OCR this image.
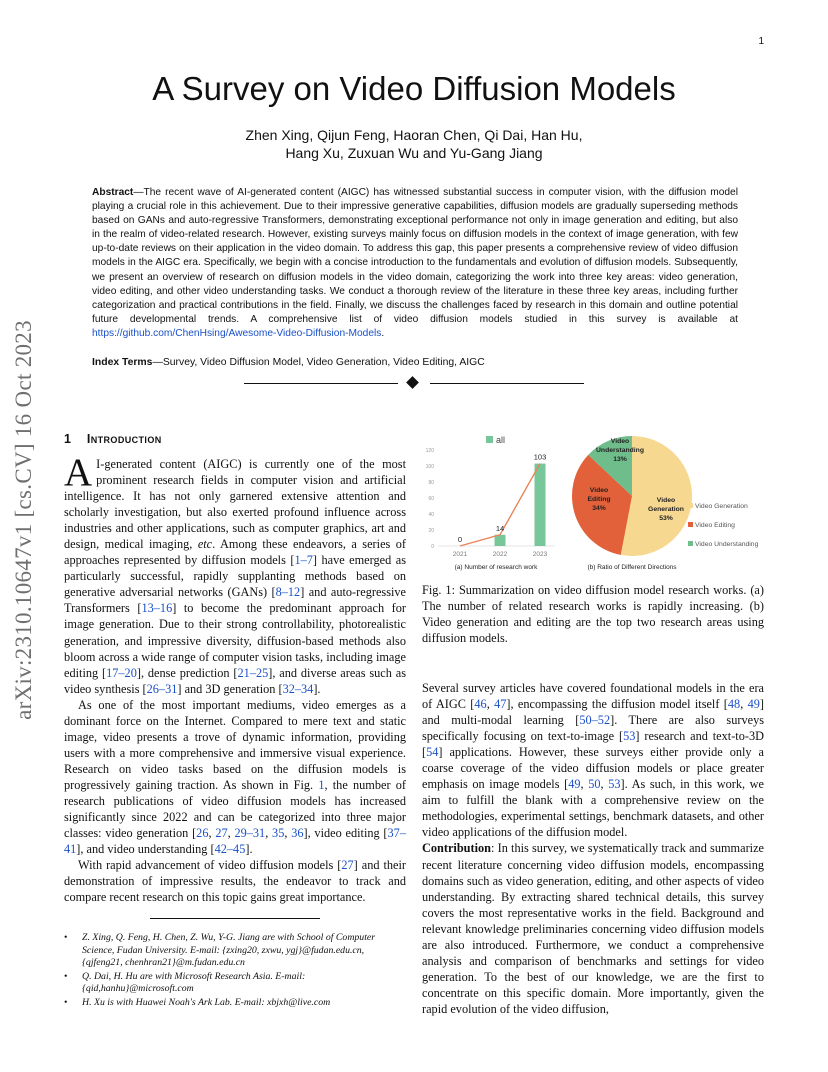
1
arXiv:2310.10647v1 [cs.CV] 16 Oct 2023
A Survey on Video Diffusion Models
Zhen Xing, Qijun Feng, Haoran Chen, Qi Dai, Han Hu,
Hang Xu, Zuxuan Wu and Yu-Gang Jiang
Abstract—The recent wave of AI-generated content (AIGC) has witnessed substantial success in computer vision, with the diffusion model playing a crucial role in this achievement. Due to their impressive generative capabilities, diffusion models are gradually superseding methods based on GANs and auto-regressive Transformers, demonstrating exceptional performance not only in image generation and editing, but also in the realm of video-related research. However, existing surveys mainly focus on diffusion models in the context of image generation, with few up-to-date reviews on their application in the video domain. To address this gap, this paper presents a comprehensive review of video diffusion models in the AIGC era. Specifically, we begin with a concise introduction to the fundamentals and evolution of diffusion models. Subsequently, we present an overview of research on diffusion models in the video domain, categorizing the work into three key areas: video generation, video editing, and other video understanding tasks. We conduct a thorough review of the literature in these three key areas, including further categorization and practical contributions in the field. Finally, we discuss the challenges faced by research in this domain and outline potential future developmental trends. A comprehensive list of video diffusion models studied in this survey is available at https://github.com/ChenHsing/Awesome-Video-Diffusion-Models.
Index Terms—Survey, Video Diffusion Model, Video Generation, Video Editing, AIGC
1 Introduction

A I-generated content (AIGC) is currently one of the most prominent research fields in computer vision and artificial intelligence. It has not only garnered extensive attention and scholarly investigation, but also exerted profound influence across industries and other applications, such as computer graphics, art and design, medical imaging, etc. Among these endeavors, a series of approaches represented by diffusion models [1–7] have emerged as particularly successful, rapidly supplanting methods based on generative adversarial networks (GANs) [8–12] and auto-regressive Transformers [13–16] to become the predominant approach for image generation. Due to their strong controllability, photorealistic generation, and impressive diversity, diffusion-based methods also bloom across a wide range of computer vision tasks, including image editing [17–20], dense prediction [21–25], and diverse areas such as video synthesis [26–31] and 3D generation [32–34].

As one of the most important mediums, video emerges as a dominant force on the Internet. Compared to mere text and static image, video presents a trove of dynamic information, providing users with a more comprehensive and immersive visual experience. Research on video tasks based on the diffusion models is progressively gaining traction. As shown in Fig. 1, the number of research publications of video diffusion models has increased significantly since 2022 and can be categorized into three major classes: video generation [26, 27, 29–31, 35, 36], video editing [37–41], and video understanding [42–45].

With rapid advancement of video diffusion models [27] and their demonstration of impressive results, the endeavor to track and compare recent research on this topic gains great importance.

• Z. Xing, Q. Feng, H. Chen, Z. Wu, Y-G. Jiang are with School of Computer Science, Fudan University. E-mail: {zxing20, zxwu, ygj}@fudan.edu.cn, {qjfeng21, chenhran21}@m.fudan.edu.cn
• Q. Dai, H. Hu are with Microsoft Research Asia. E-mail: {qid,hanhu}@microsoft.com
• H. Xu is with Huawei Noah's Ark Lab. E-mail: xbjxh@live.com
all
0
20
40
60
80
100
120
0
14
103
2021	2022	2023
(a) Number of research work
Video
Generation
53%
Video
Editing
34%
Video
Understanding
13%
Video Generation
Video Editing
Video Understanding
(b) Ratio of Different Directions
Fig. 1: Summarization on video diffusion model research works. (a) The number of related research works is rapidly increasing. (b) Video generation and editing are the top two research areas using diffusion models.

Several survey articles have covered foundational models in the era of AIGC [46, 47], encompassing the diffusion model itself [48, 49] and multi-modal learning [50–52]. There are also surveys specifically focusing on text-to-image [53] research and text-to-3D [54] applications. However, these surveys either provide only a coarse coverage of the video diffusion models or place greater emphasis on image models [49, 50, 53]. As such, in this work, we aim to fulfill the blank with a comprehensive review on the methodologies, experimental settings, benchmark datasets, and other video applications of the diffusion model.

Contribution: In this survey, we systematically track and summarize recent literature concerning video diffusion models, encompassing domains such as video generation, editing, and other aspects of video understanding. By extracting shared technical details, this survey covers the most representative works in the field. Background and relevant knowledge preliminaries concerning video diffusion models are also introduced. Furthermore, we conduct a comprehensive analysis and comparison of benchmarks and settings for video generation. To the best of our knowledge, we are the first to concentrate on this specific domain. More importantly, given the rapid evolution of the video diffusion,
